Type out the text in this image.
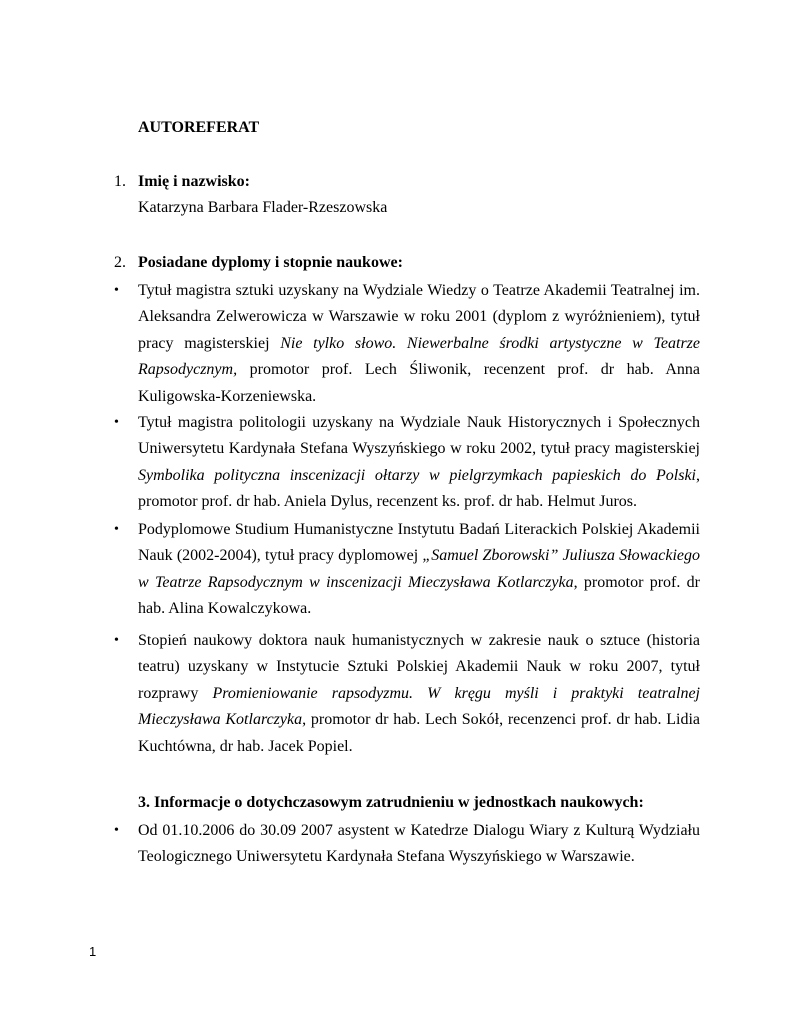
AUTOREFERAT
1. Imię i nazwisko:
Katarzyna Barbara Flader-Rzeszowska
2. Posiadane dyplomy i stopnie naukowe:
• Tytuł magistra sztuki uzyskany na Wydziale Wiedzy o Teatrze Akademii Teatralnej im. Aleksandra Zelwerowicza w Warszawie w roku 2001 (dyplom z wyróżnieniem), tytuł pracy magisterskiej Nie tylko słowo. Niewerbalne środki artystyczne w Teatrze Rapsodycznym, promotor prof. Lech Śliwonik, recenzent prof. dr hab. Anna Kuligowska-Korzeniewska.
• Tytuł magistra politologii uzyskany na Wydziale Nauk Historycznych i Społecznych Uniwersytetu Kardynała Stefana Wyszyńskiego w roku 2002, tytuł pracy magisterskiej Symbolika polityczna inscenizacji ołtarzy w pielgrzymkach papieskich do Polski, promotor prof. dr hab. Aniela Dylus, recenzent ks. prof. dr hab. Helmut Juros.
• Podyplomowe Studium Humanistyczne Instytutu Badań Literackich Polskiej Akademii Nauk (2002-2004), tytuł pracy dyplomowej „Samuel Zborowski” Juliusza Słowackiego w Teatrze Rapsodycznym w inscenizacji Mieczysława Kotlarczyka, promotor prof. dr hab. Alina Kowalczykowa.
• Stopień naukowy doktora nauk humanistycznych w zakresie nauk o sztuce (historia teatru) uzyskany w Instytucie Sztuki Polskiej Akademii Nauk w roku 2007, tytuł rozprawy Promieniowanie rapsodyzmu. W kręgu myśli i praktyki teatralnej Mieczysława Kotlarczyka, promotor dr hab. Lech Sokół, recenzenci prof. dr hab. Lidia Kuchtówna, dr hab. Jacek Popiel.
3. Informacje o dotychczasowym zatrudnieniu w jednostkach naukowych:
• Od 01.10.2006 do 30.09 2007 asystent w Katedrze Dialogu Wiary z Kulturą Wydziału Teologicznego Uniwersytetu Kardynała Stefana Wyszyńskiego w Warszawie.
1
